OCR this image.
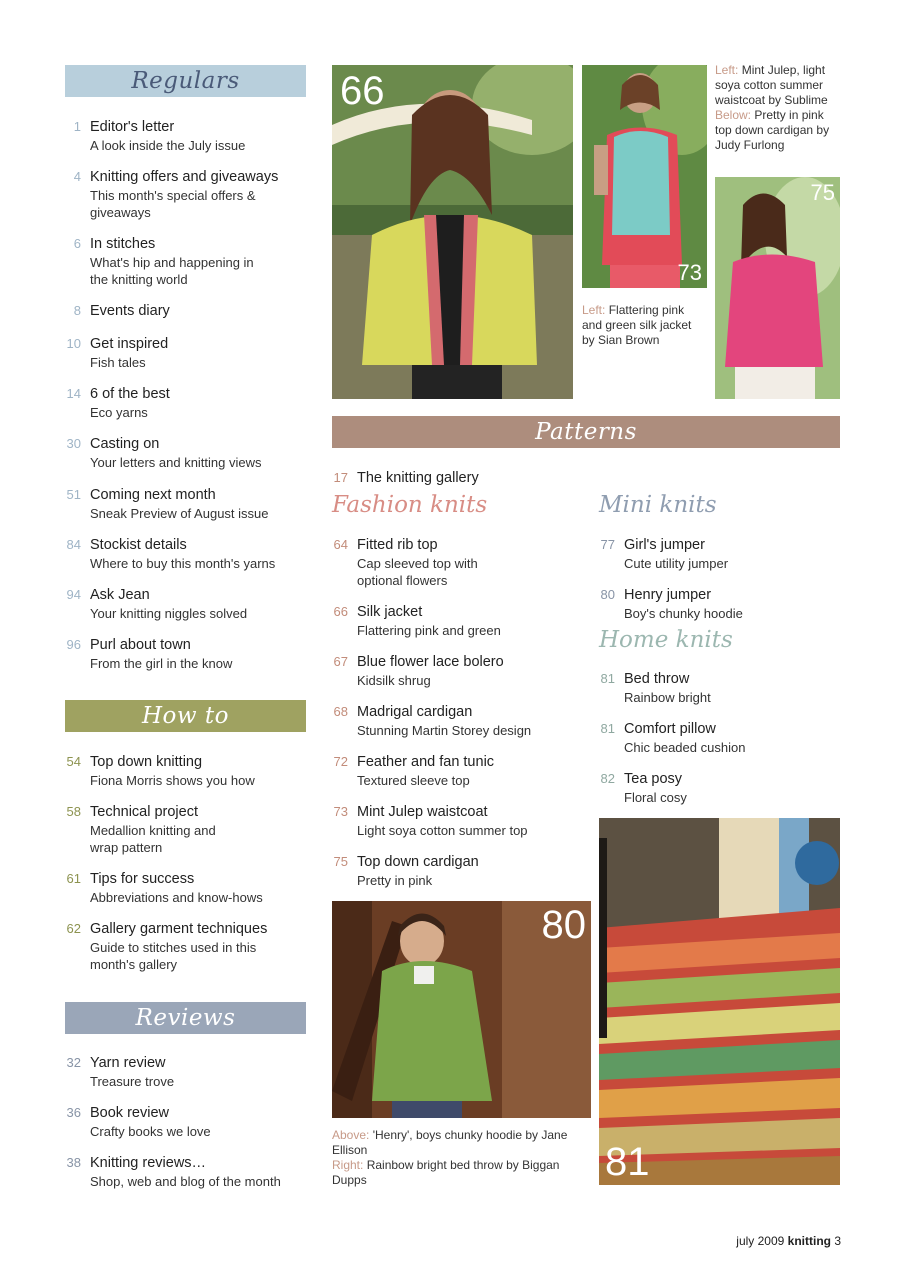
Regulars
1 Editor's letter
A look inside the July issue
4 Knitting offers and giveaways
This month's special offers &
giveaways
6 In stitches
What's hip and happening in
the knitting world
8 Events diary
10 Get inspired
Fish tales
14 6 of the best
Eco yarns
30 Casting on
Your letters and knitting views
51 Coming next month
Sneak Preview of August issue
84 Stockist details
Where to buy this month's yarns
94 Ask Jean
Your knitting niggles solved
96 Purl about town
From the girl in the know
How to
54 Top down knitting
Fiona Morris shows you how
58 Technical project
Medallion knitting and
wrap pattern
61 Tips for success
Abbreviations and know-hows
62 Gallery garment techniques
Guide to stitches used in this
month's gallery
Reviews
32 Yarn review
Treasure trove
36 Book review
Crafty books we love
38 Knitting reviews…
Shop, web and blog of the month
66
73
Left: Mint Julep, light soya cotton summer waistcoat by Sublime
Below: Pretty in pink top down cardigan by Judy Furlong
75
Left: Flattering pink and green silk jacket by Sian Brown
Patterns
17 The knitting gallery
Fashion knits
64 Fitted rib top
Cap sleeved top with
optional flowers
66 Silk jacket
Flattering pink and green
67 Blue flower lace bolero
Kidsilk shrug
68 Madrigal cardigan
Stunning Martin Storey design
72 Feather and fan tunic
Textured sleeve top
73 Mint Julep waistcoat
Light soya cotton summer top
75 Top down cardigan
Pretty in pink
Mini knits
77 Girl's jumper
Cute utility jumper
80 Henry jumper
Boy's chunky hoodie
Home knits
81 Bed throw
Rainbow bright
81 Comfort pillow
Chic beaded cushion
82 Tea posy
Floral cosy
80
Above: 'Henry', boys chunky hoodie by Jane Ellison
Right: Rainbow bright bed throw by Biggan Dupps	81
july 2009 knitting 3
